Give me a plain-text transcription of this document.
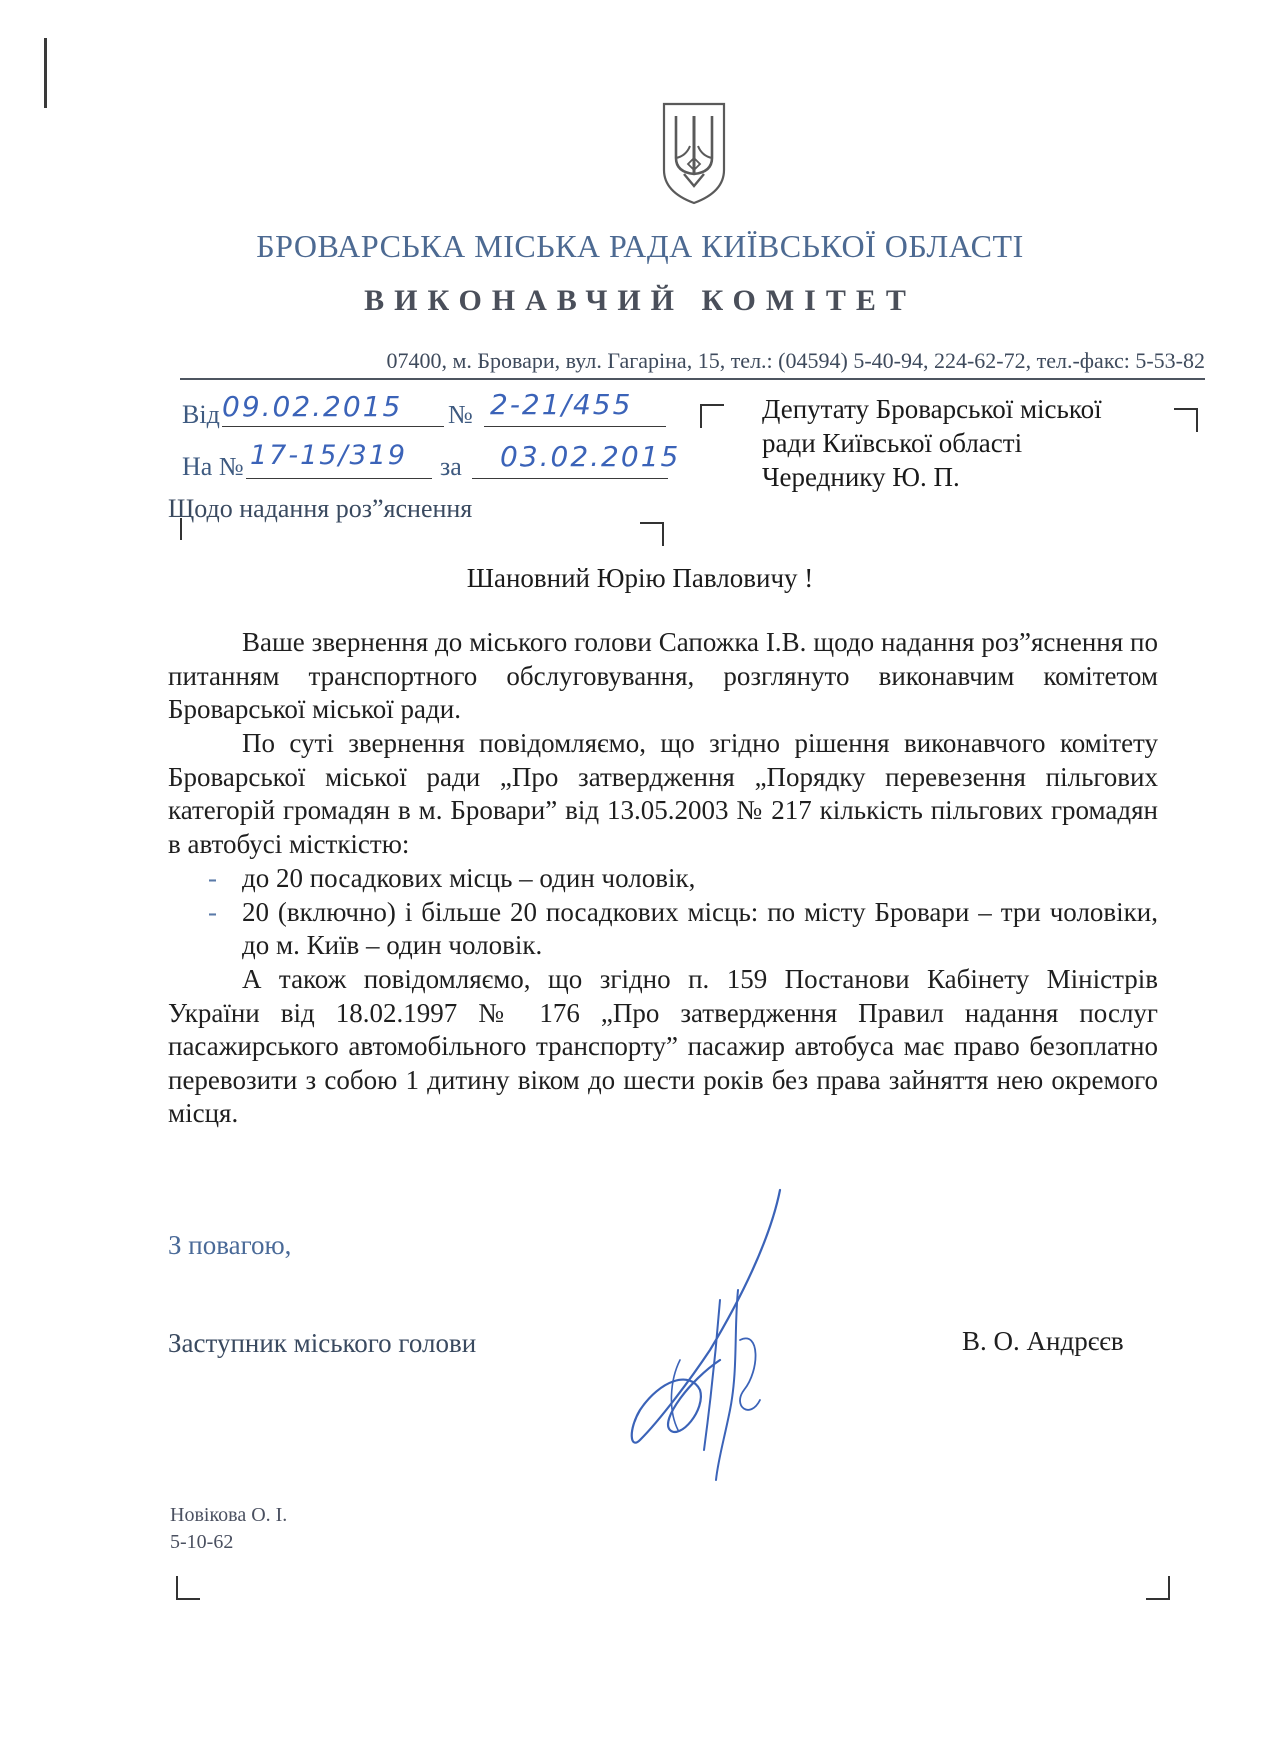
БРОВАРСЬКА МІСЬКА РАДА КИЇВСЬКОЇ ОБЛАСТІ
ВИКОНАВЧИЙ КОМІТЕТ
07400, м. Бровари, вул. Гагаріна, 15, тел.: (04594) 5-40-94, 224-62-72, тел.-факс: 5-53-82
Від 09.02.2015 № 2-21/455
На № 17-15/319 за 03.02.2015
Депутату Броварської міської
ради Київської області
Череднику Ю. П.
Щодо надання роз”яснення
Шановний Юрію Павловичу !
Ваше звернення до міського голови Сапожка І.В. щодо надання роз”яснення по питанням транспортного обслуговування, розглянуто виконавчим комітетом Броварської міської ради.
По суті звернення повідомляємо, що згідно рішення виконавчого комітету Броварської міської ради „Про затвердження „Порядку перевезення пільгових категорій громадян в м. Бровари” від 13.05.2003 № 217 кількість пільгових громадян в автобусі місткістю:
- до 20 посадкових місць – один чоловік,
- 20 (включно) і більше 20 посадкових місць: по місту Бровари – три чоловіки, до м. Київ – один чоловік.
А також повідомляємо, що згідно п. 159 Постанови Кабінету Міністрів України від 18.02.1997 № 176 „Про затвердження Правил надання послуг пасажирського автомобільного транспорту” пасажир автобуса має право безоплатно перевозити з собою 1 дитину віком до шести років без права зайняття нею окремого місця.
З повагою,
Заступник міського голови	В. О. Андрєєв
Новікова О. І.
5-10-62
